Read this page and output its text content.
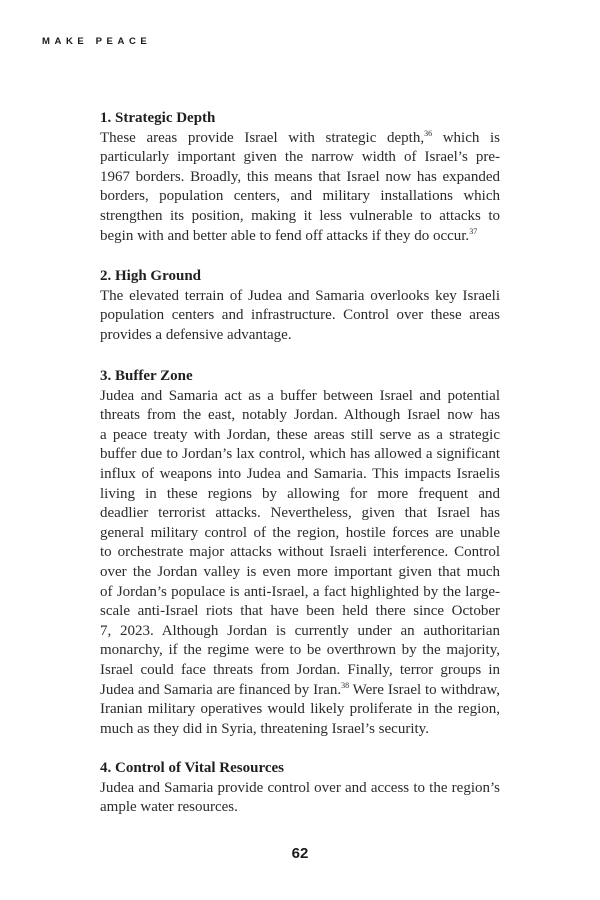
MAKE PEACE
1. Strategic Depth
These areas provide Israel with strategic depth,$^{36}$ which is
particularly important given the narrow width of Israel’s pre-
1967 borders. Broadly, this means that Israel now has expanded
borders, population centers, and military installations which
strengthen its position, making it less vulnerable to attacks to
begin with and better able to fend off attacks if they do occur.$^{37}$
2. High Ground
The elevated terrain of Judea and Samaria overlooks key Israeli
population centers and infrastructure. Control over these areas
provides a defensive advantage.
3. Buffer Zone
Judea and Samaria act as a buffer between Israel and potential
threats from the east, notably Jordan. Although Israel now has
a peace treaty with Jordan, these areas still serve as a strategic
buffer due to Jordan’s lax control, which has allowed a significant
influx of weapons into Judea and Samaria. This impacts Israelis
living in these regions by allowing for more frequent and
deadlier terrorist attacks. Nevertheless, given that Israel has
general military control of the region, hostile forces are unable
to orchestrate major attacks without Israeli interference. Control
over the Jordan valley is even more important given that much
of Jordan’s populace is anti-Israel, a fact highlighted by the large-
scale anti-Israel riots that have been held there since October
7, 2023. Although Jordan is currently under an authoritarian
monarchy, if the regime were to be overthrown by the majority,
Israel could face threats from Jordan. Finally, terror groups in
Judea and Samaria are financed by Iran.$^{38}$ Were Israel to withdraw,
Iranian military operatives would likely proliferate in the region,
much as they did in Syria, threatening Israel’s security.
4. Control of Vital Resources
Judea and Samaria provide control over and access to the region’s
ample water resources.
62
